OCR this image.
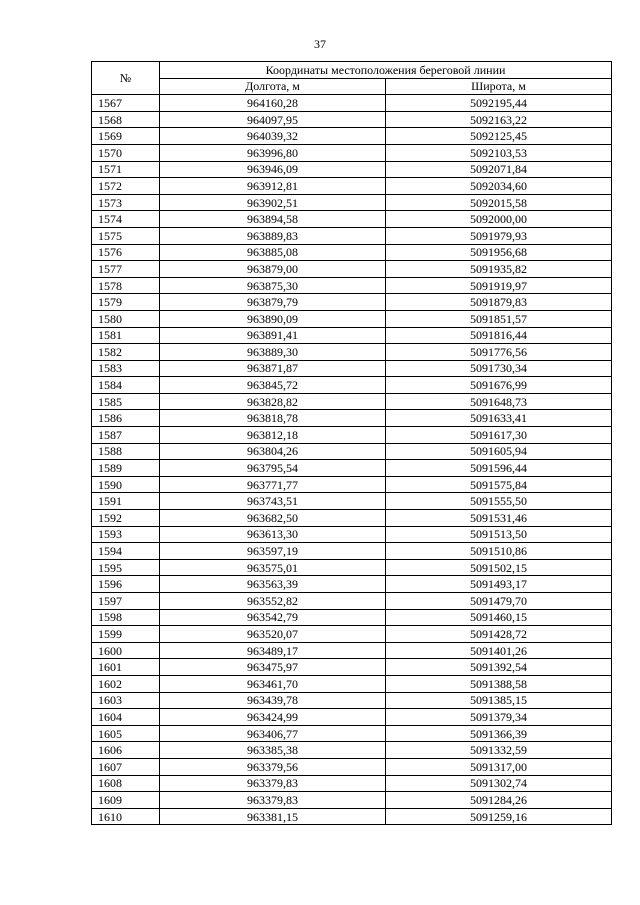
37
№	Координаты местоположения береговой линии	
	Долгота, м	Широта, м
1567	964160,28	5092195,44
1568	964097,95	5092163,22
1569	964039,32	5092125,45
1570	963996,80	5092103,53
1571	963946,09	5092071,84
1572	963912,81	5092034,60
1573	963902,51	5092015,58
1574	963894,58	5092000,00
1575	963889,83	5091979,93
1576	963885,08	5091956,68
1577	963879,00	5091935,82
1578	963875,30	5091919,97
1579	963879,79	5091879,83
1580	963890,09	5091851,57
1581	963891,41	5091816,44
1582	963889,30	5091776,56
1583	963871,87	5091730,34
1584	963845,72	5091676,99
1585	963828,82	5091648,73
1586	963818,78	5091633,41
1587	963812,18	5091617,30
1588	963804,26	5091605,94
1589	963795,54	5091596,44
1590	963771,77	5091575,84
1591	963743,51	5091555,50
1592	963682,50	5091531,46
1593	963613,30	5091513,50
1594	963597,19	5091510,86
1595	963575,01	5091502,15
1596	963563,39	5091493,17
1597	963552,82	5091479,70
1598	963542,79	5091460,15
1599	963520,07	5091428,72
1600	963489,17	5091401,26
1601	963475,97	5091392,54
1602	963461,70	5091388,58
1603	963439,78	5091385,15
1604	963424,99	5091379,34
1605	963406,77	5091366,39
1606	963385,38	5091332,59
1607	963379,56	5091317,00
1608	963379,83	5091302,74
1609	963379,83	5091284,26
1610	963381,15	5091259,16
